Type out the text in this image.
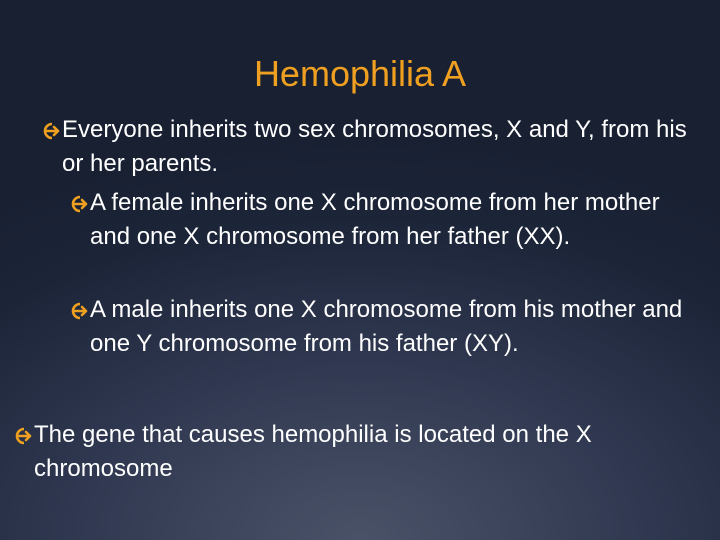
Hemophilia A
Everyone inherits two sex chromosomes, X and Y, from his or her parents.
A female inherits one X chromosome from her mother and one X chromosome from her father (XX).
A male inherits one X chromosome from his mother and one Y chromosome from his father (XY).
The gene that causes hemophilia is located on the X chromosome
